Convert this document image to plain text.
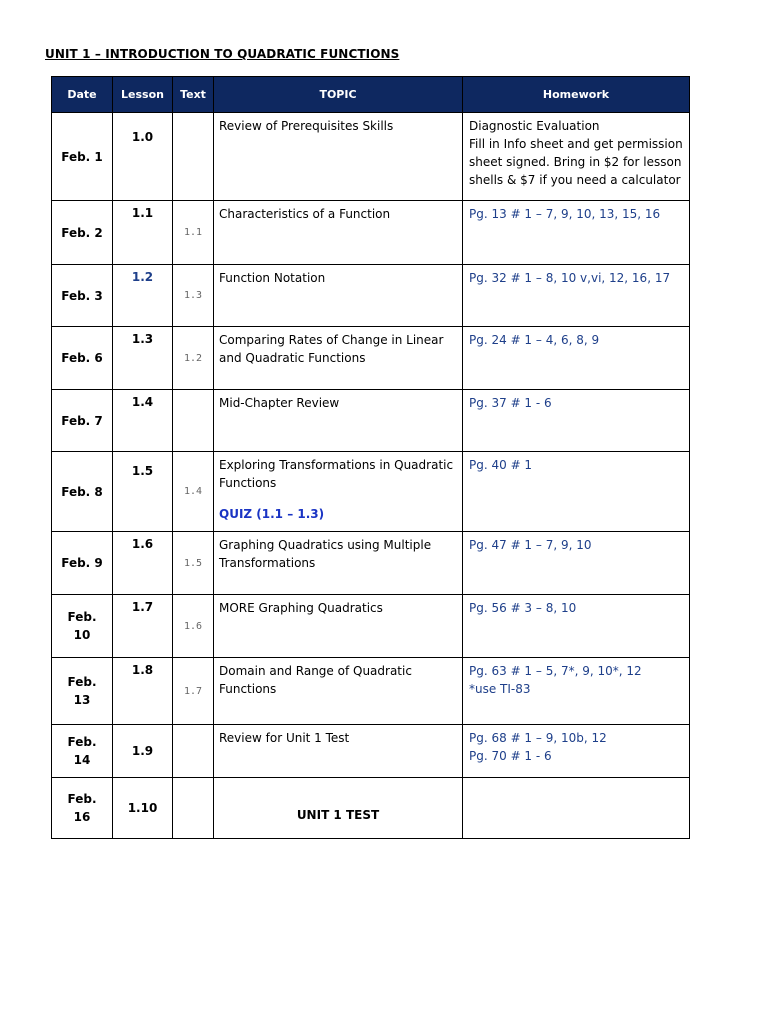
UNIT 1 – INTRODUCTION TO QUADRATIC FUNCTIONS
Date	Lesson	Text	TOPIC	Homework
Feb. 1	1.0		Review of Prerequisites Skills	Diagnostic Evaluation
Fill in Info sheet and get permission sheet signed. Bring in $2 for lesson shells & $7 if you need a calculator

Feb. 2	1.1	1.1	Characteristics of a Function	Pg. 13 # 1 – 7, 9, 10, 13, 15, 16

Feb. 3	1.2	1.3	Function Notation	Pg. 32 # 1 – 8, 10 v,vi, 12, 16, 17

Feb. 6	1.3	1.2	Comparing Rates of Change in Linear and Quadratic Functions	Pg. 24 # 1 – 4, 6, 8, 9

Feb. 7	1.4		Mid-Chapter Review	Pg. 37 # 1 - 6

Feb. 8	1.5	1.4	Exploring Transformations in Quadratic Functions
QUIZ (1.1 – 1.3)	Pg. 40 # 1

Feb. 9	1.6	1.5	Graphing Quadratics using Multiple Transformations	Pg. 47 # 1 – 7, 9, 10

Feb. 10	1.7	1.6	MORE Graphing Quadratics	Pg. 56 # 3 – 8, 10

Feb. 13	1.8	1.7	Domain and Range of Quadratic Functions	Pg. 63 # 1 – 5, 7*, 9, 10*, 12
*use TI-83

Feb. 14	1.9		Review for Unit 1 Test	Pg. 68 # 1 – 9, 10b, 12
Pg. 70 # 1 - 6

Feb. 16	1.10		UNIT 1 TEST	
